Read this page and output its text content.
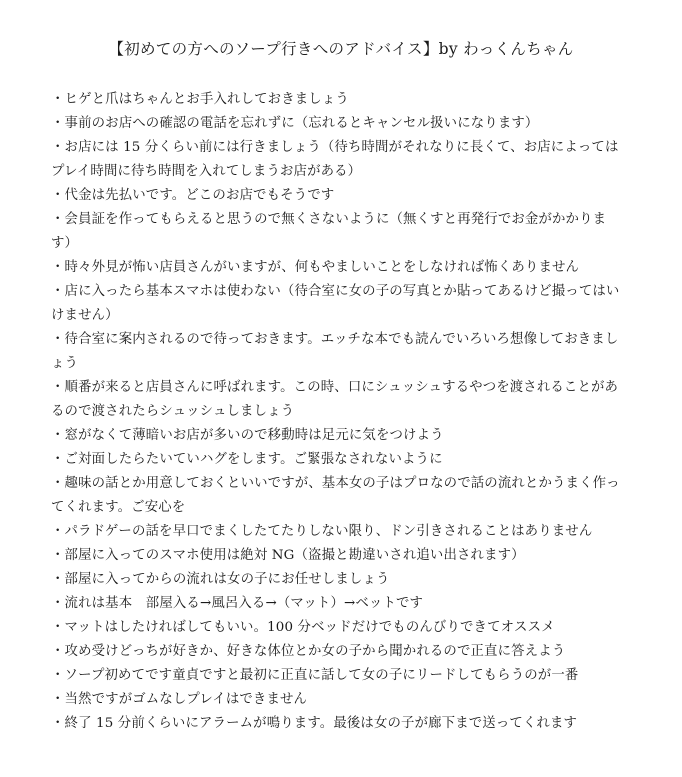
【初めての方へのソープ行きへのアドバイス】by わっくんちゃん
・ヒゲと爪はちゃんとお手入れしておきましょう
・事前のお店への確認の電話を忘れずに（忘れるとキャンセル扱いになります）
・お店には 15 分くらい前には行きましょう（待ち時間がそれなりに長くて、お店によってはプレイ時間に待ち時間を入れてしまうお店がある）
・代金は先払いです。どこのお店でもそうです
・会員証を作ってもらえると思うので無くさないように（無くすと再発行でお金がかかります）
・時々外見が怖い店員さんがいますが、何もやましいことをしなければ怖くありません
・店に入ったら基本スマホは使わない（待合室に女の子の写真とか貼ってあるけど撮ってはいけません）
・待合室に案内されるので待っておきます。エッチな本でも読んでいろいろ想像しておきましょう
・順番が来ると店員さんに呼ばれます。この時、口にシュッシュするやつを渡されることがあるので渡されたらシュッシュしましょう
・窓がなくて薄暗いお店が多いので移動時は足元に気をつけよう
・ご対面したらたいていハグをします。ご緊張なされないように
・趣味の話とか用意しておくといいですが、基本女の子はプロなので話の流れとかうまく作ってくれます。ご安心を
・パラドゲーの話を早口でまくしたてたりしない限り、ドン引きされることはありません
・部屋に入ってのスマホ使用は絶対 NG（盗撮と勘違いされ追い出されます）
・部屋に入ってからの流れは女の子にお任せしましょう
・流れは基本　部屋入る→風呂入る→（マット）→ベットです
・マットはしたければしてもいい。100 分ベッドだけでものんびりできてオススメ
・攻め受けどっちが好きか、好きな体位とか女の子から聞かれるので正直に答えよう
・ソープ初めてです童貞ですと最初に正直に話して女の子にリードしてもらうのが一番
・当然ですがゴムなしプレイはできません
・終了 15 分前くらいにアラームが鳴ります。最後は女の子が廊下まで送ってくれます
